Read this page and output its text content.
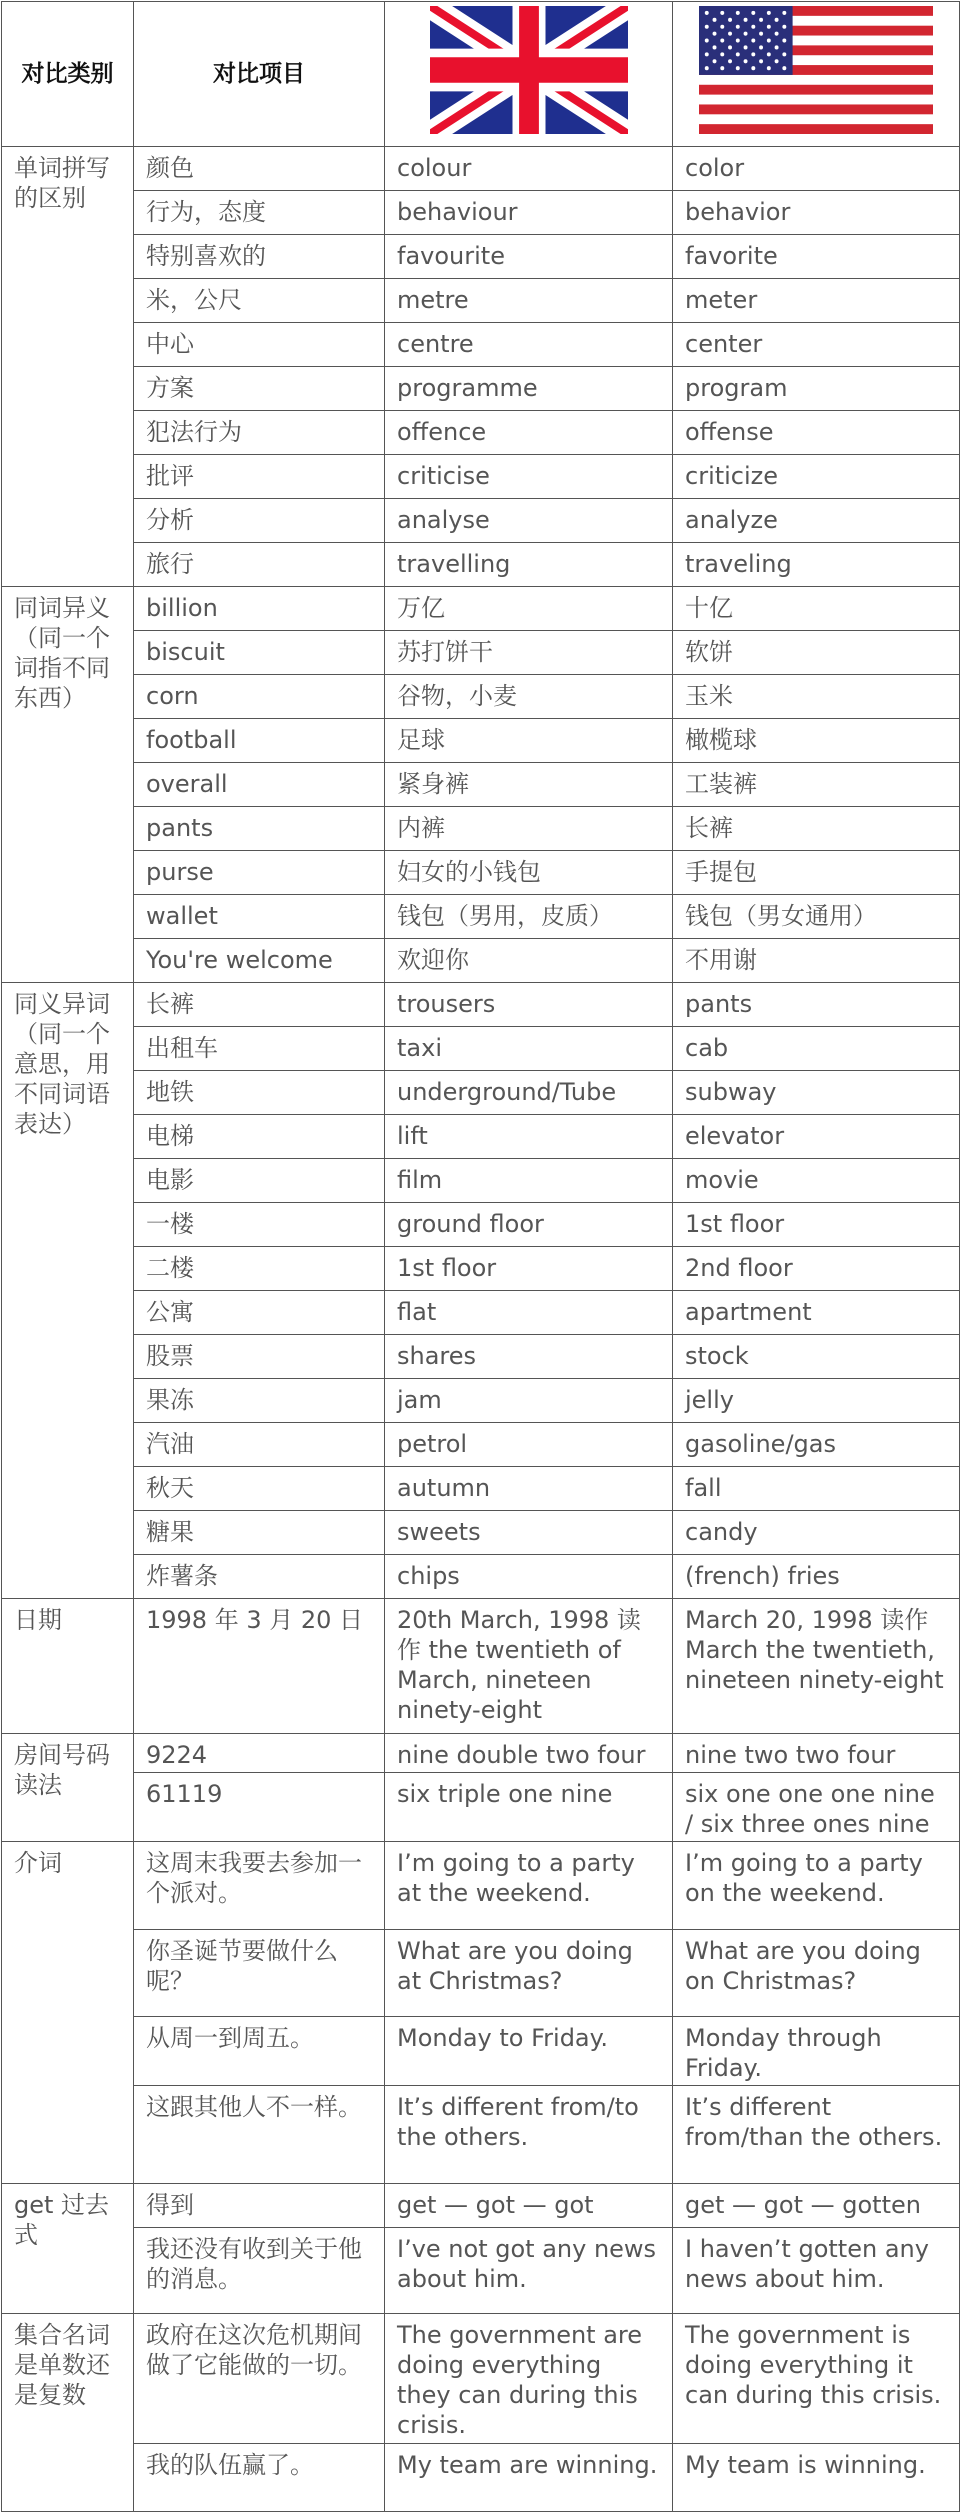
对比类别	对比项目		
单词拼写的区别	颜色	colour	color
	行为，态度	behaviour	behavior
	特别喜欢的	favourite	favorite
	米，公尺	metre	meter
	中心	centre	center
	方案	programme	program
	犯法行为	offence	offense
	批评	criticise	criticize
	分析	analyse	analyze
	旅行	travelling	traveling
同词异义（同一个词指不同东西）	billion	万亿	十亿
	biscuit	苏打饼干	软饼
	corn	谷物，小麦	玉米
	football	足球	橄榄球
	overall	紧身裤	工装裤
	pants	内裤	长裤
	purse	妇女的小钱包	手提包
	wallet	钱包（男用，皮质）	钱包（男女通用）
	You're welcome	欢迎你	不用谢
同义异词（同一个意思，用不同词语表达）	长裤	trousers	pants
	出租车	taxi	cab
	地铁	underground/Tube	subway
	电梯	lift	elevator
	电影	film	movie
	一楼	ground floor	1st floor
	二楼	1st floor	2nd floor
	公寓	flat	apartment
	股票	shares	stock
	果冻	jam	jelly
	汽油	petrol	gasoline/gas
	秋天	autumn	fall
	糖果	sweets	candy
	炸薯条	chips	(french) fries
日期	1998 年 3 月 20 日	20th March, 1998 读作 the twentieth of March, nineteen ninety-eight	March 20, 1998 读作 March the twentieth, nineteen ninety-eight
房间号码读法	9224	nine double two four	nine two two four
	61119	six triple one nine	six one one one nine / six three ones nine
介词	这周末我要去参加一个派对。	I’m going to a party at the weekend.	I’m going to a party on the weekend.
	你圣诞节要做什么呢？	What are you doing at Christmas?	What are you doing on Christmas?
	从周一到周五。	Monday to Friday.	Monday through Friday.
	这跟其他人不一样。	It’s different from/to the others.	It’s different from/than the others.
get 过去式	得到	get — got — got	get — got — gotten
	我还没有收到关于他的消息。	I’ve not got any news about him.	I haven’t gotten any news about him.
集合名词是单数还是复数	政府在这次危机期间做了它能做的一切。	The government are doing everything they can during this crisis.	The government is doing everything it can during this crisis.
	我的队伍赢了。	My team are winning.	My team is winning.
